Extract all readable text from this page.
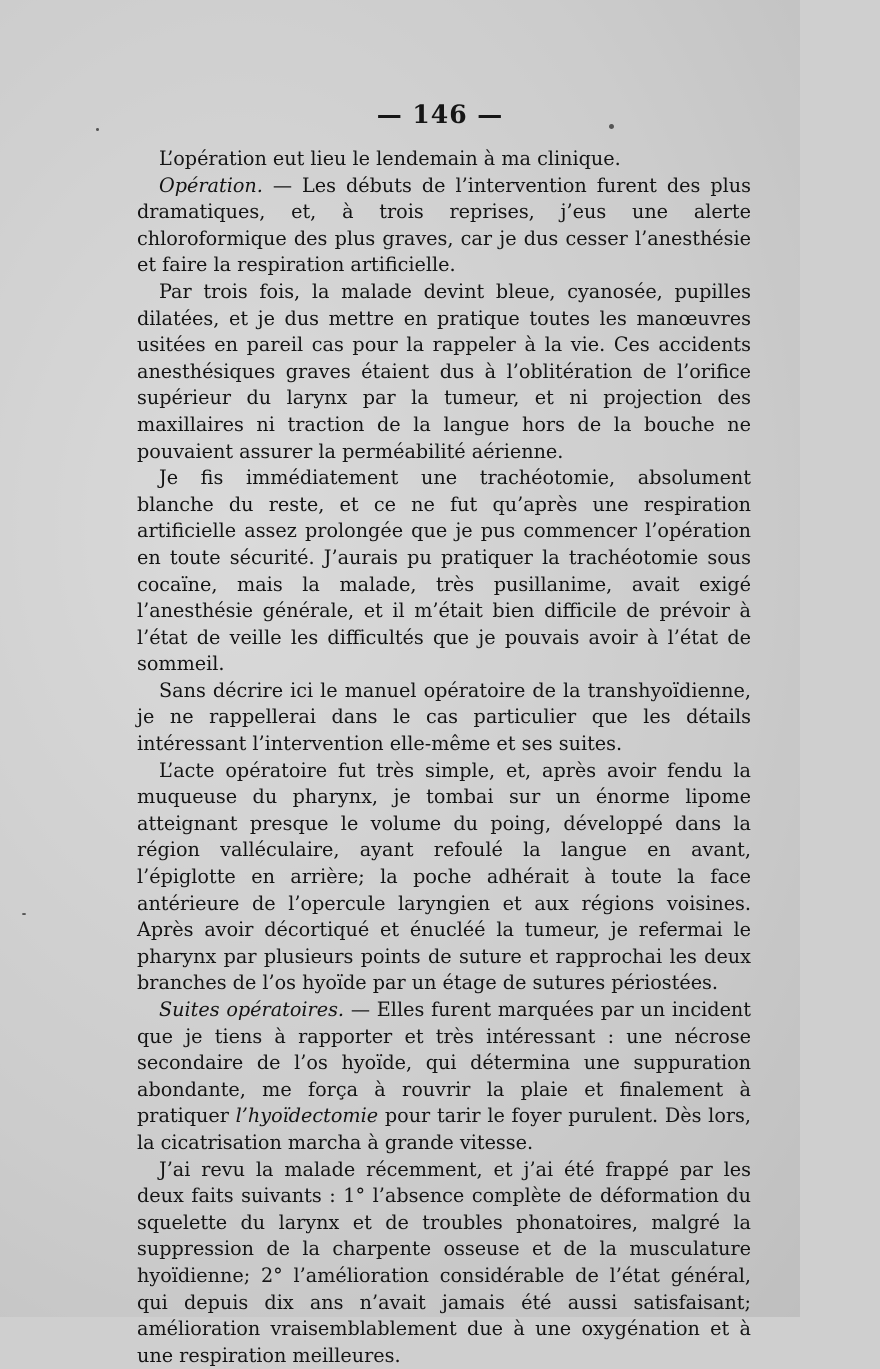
— 146 —

L’opération eut lieu le lendemain à ma clinique.

Opération. — Les débuts de l’intervention furent des plus dramatiques, et, à trois reprises, j’eus une alerte chloroformique des plus graves, car je dus cesser l’anesthésie et faire la respiration artificielle.

Par trois fois, la malade devint bleue, cyanosée, pupilles dilatées, et je dus mettre en pratique toutes les manœuvres usitées en pareil cas pour la rappeler à la vie. Ces accidents anesthésiques graves étaient dus à l’oblitération de l’orifice supérieur du larynx par la tumeur, et ni projection des maxillaires ni traction de la langue hors de la bouche ne pouvaient assurer la perméabilité aérienne.

Je fis immédiatement une trachéotomie, absolument blanche du reste, et ce ne fut qu’après une respiration artificielle assez prolongée que je pus commencer l’opération en toute sécurité. J’aurais pu pratiquer la trachéotomie sous cocaïne, mais la malade, très pusillanime, avait exigé l’anesthésie générale, et il m’était bien difficile de prévoir à l’état de veille les difficultés que je pouvais avoir à l’état de sommeil.

Sans décrire ici le manuel opératoire de la transhyoïdienne, je ne rappellerai dans le cas particulier que les détails intéressant l’intervention elle-même et ses suites.

L’acte opératoire fut très simple, et, après avoir fendu la muqueuse du pharynx, je tombai sur un énorme lipome atteignant presque le volume du poing, développé dans la région valléculaire, ayant refoulé la langue en avant, l’épiglotte en arrière; la poche adhérait à toute la face antérieure de l’opercule laryngien et aux régions voisines. Après avoir décortiqué et énucléé la tumeur, je refermai le pharynx par plusieurs points de suture et rapprochai les deux branches de l’os hyoïde par un étage de sutures périostées.

Suites opératoires. — Elles furent marquées par un incident que je tiens à rapporter et très intéressant : une nécrose secondaire de l’os hyoïde, qui détermina une suppuration abondante, me força à rouvrir la plaie et finalement à pratiquer l’hyoïdectomie pour tarir le foyer purulent. Dès lors, la cicatrisation marcha à grande vitesse.

J’ai revu la malade récemment, et j’ai été frappé par les deux faits suivants : 1° l’absence complète de déformation du squelette du larynx et de troubles phonatoires, malgré la suppression de la charpente osseuse et de la musculature hyoïdienne; 2° l’amélioration considérable de l’état général, qui depuis dix ans n’avait jamais été aussi satisfaisant; amélioration vraisemblablement due à une oxygénation et à une respiration meilleures.
